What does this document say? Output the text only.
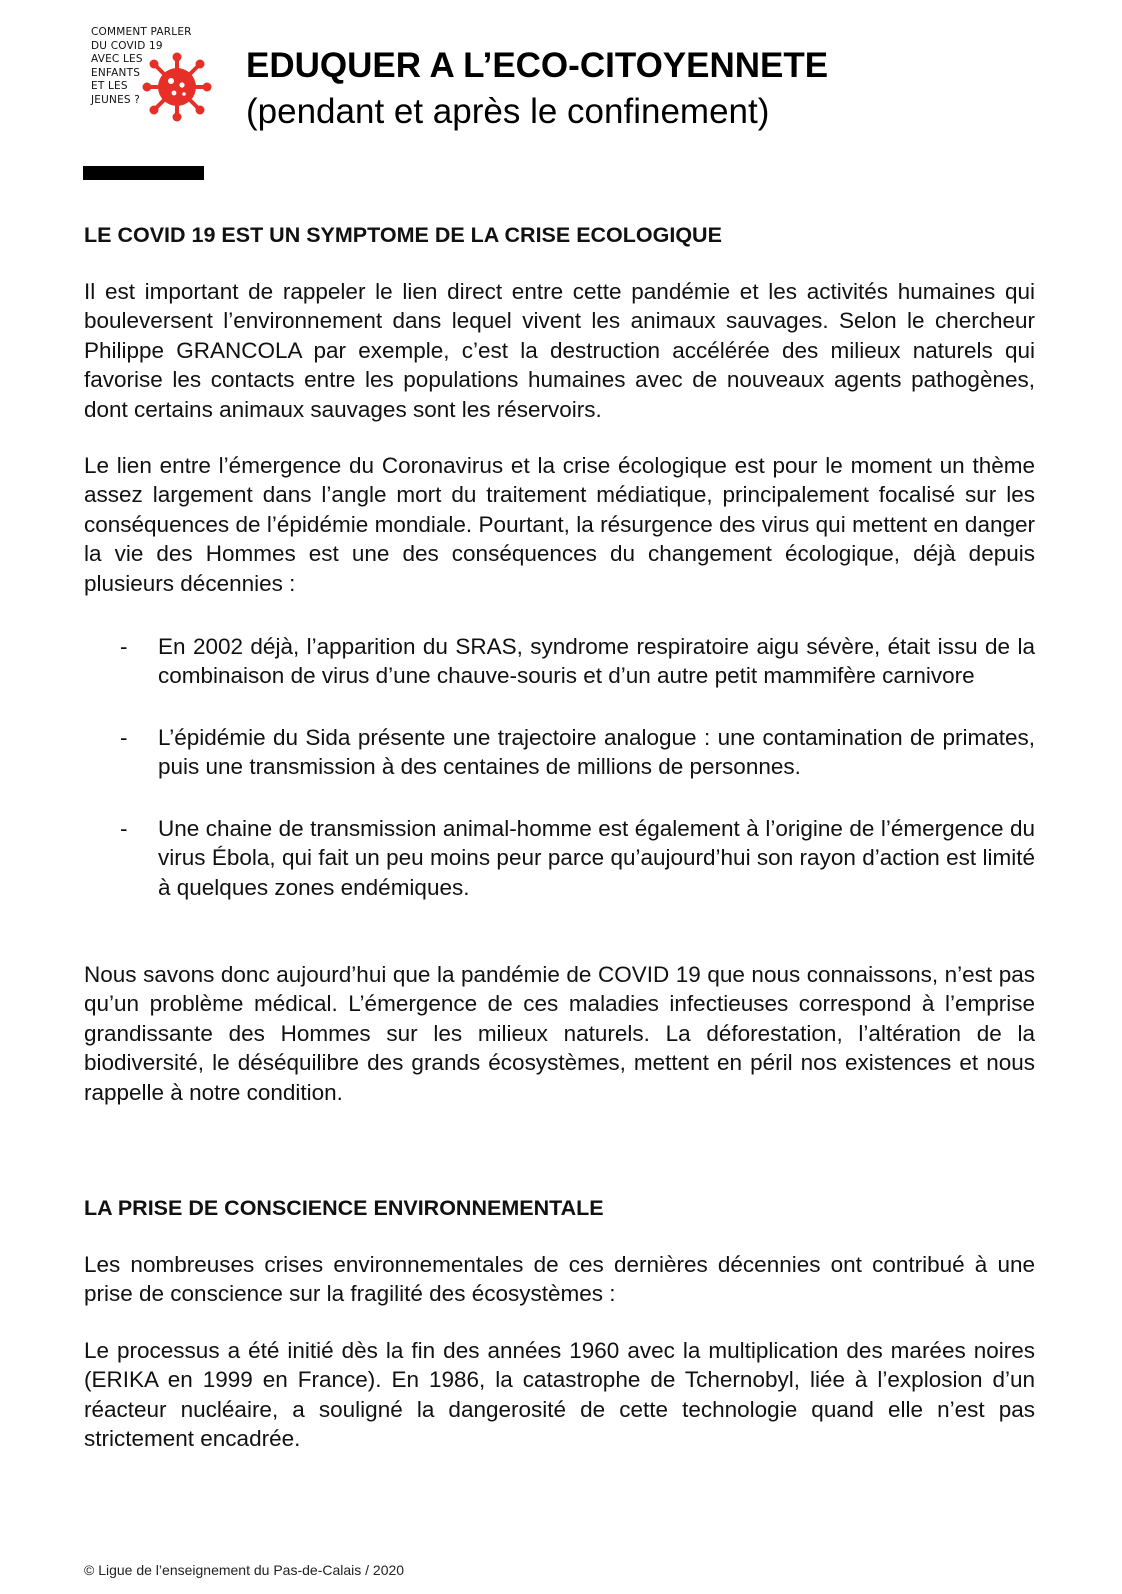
COMMENT PARLER
DU COVID 19
AVEC LES
ENFANTS
ET LES
JEUNES ?
EDUQUER A L’ECO-CITOYENNETE
(pendant et après le confinement)
LE COVID 19 EST UN SYMPTOME DE LA CRISE ECOLOGIQUE

Il est important de rappeler le lien direct entre cette pandémie et les activités humaines qui bouleversent l’environnement dans lequel vivent les animaux sauvages. Selon le chercheur Philippe GRANCOLA par exemple, c’est la destruction accélérée des milieux naturels qui favorise les contacts entre les populations humaines avec de nouveaux agents pathogènes, dont certains animaux sauvages sont les réservoirs.

Le lien entre l’émergence du Coronavirus et la crise écologique est pour le moment un thème assez largement dans l’angle mort du traitement médiatique, principalement focalisé sur les conséquences de l’épidémie mondiale. Pourtant, la résurgence des virus qui mettent en danger la vie des Hommes est une des conséquences du changement écologique, déjà depuis plusieurs décennies :

- En 2002 déjà, l’apparition du SRAS, syndrome respiratoire aigu sévère, était issu de la combinaison de virus d’une chauve-souris et d’un autre petit mammifère carnivore
- L’épidémie du Sida présente une trajectoire analogue : une contamination de primates, puis une transmission à des centaines de millions de personnes.
- Une chaine de transmission animal-homme est également à l’origine de l’émergence du virus Ébola, qui fait un peu moins peur parce qu’aujourd’hui son rayon d’action est limité à quelques zones endémiques.

Nous savons donc aujourd’hui que la pandémie de COVID 19 que nous connaissons, n’est pas qu’un problème médical. L’émergence de ces maladies infectieuses correspond à l’emprise grandissante des Hommes sur les milieux naturels. La déforestation, l’altération de la biodiversité, le déséquilibre des grands écosystèmes, mettent en péril nos existences et nous rappelle à notre condition.

LA PRISE DE CONSCIENCE ENVIRONNEMENTALE

Les nombreuses crises environnementales de ces dernières décennies ont contribué à une prise de conscience sur la fragilité des écosystèmes :

Le processus a été initié dès la fin des années 1960 avec la multiplication des marées noires (ERIKA en 1999 en France). En 1986, la catastrophe de Tchernobyl, liée à l’explosion d’un réacteur nucléaire, a souligné la dangerosité de cette technologie quand elle n’est pas strictement encadrée.

© Ligue de l’enseignement du Pas-de-Calais / 2020
